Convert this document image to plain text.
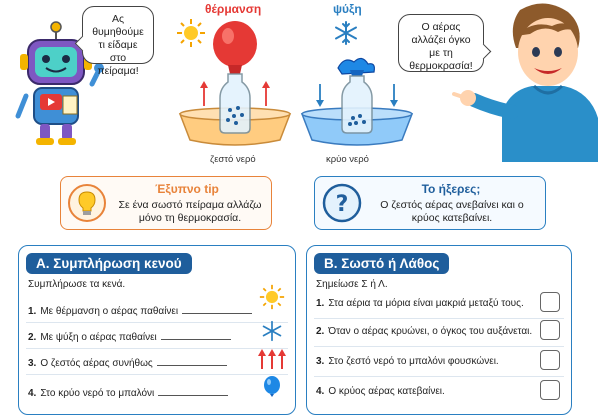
Ας θυμηθούμε τι είδαμε στο πείραμα!
θέρμανση
ζεστό νερό
ψύξη
κρύο νερό
Ο αέρας αλλάζει όγκο με τη θερμοκρασία!
Έξυπνο tip
Σε ένα σωστό πείραμα αλλάζω μόνο τη θερμοκρασία.
?
Το ήξερες;
Ο ζεστός αέρας ανεβαίνει και ο κρύος κατεβαίνει.
Α. Συμπλήρωση κενού
Συμπλήρωσε τα κενά.
1. Με θέρμανση ο αέρας παθαίνει
2. Με ψύξη ο αέρας παθαίνει
3. Ο ζεστός αέρας συνήθως
4. Στο κρύο νερό το μπαλόνι
Β. Σωστό ή Λάθος
Σημείωσε Σ ή Λ.
1. Στα αέρια τα μόρια είναι μακριά μεταξύ τους.
2. Όταν ο αέρας κρυώνει, ο όγκος του αυξάνεται.
3. Στο ζεστό νερό το μπαλόνι φουσκώνει.
4. Ο κρύος αέρας κατεβαίνει.
